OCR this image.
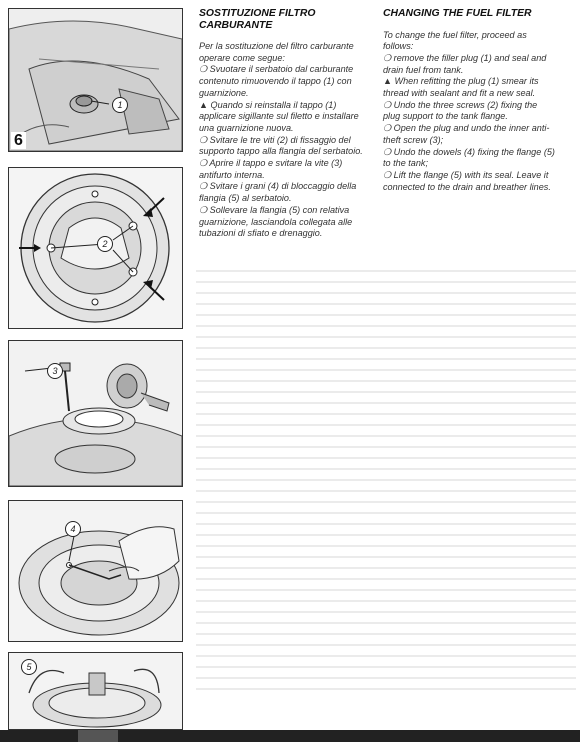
1
6
2
3
4
5
SOSTITUZIONE FILTRO CARBURANTE

Per la sostituzione del filtro carburante operare come segue:

❍ Svuotare il serbatoio dal carburante contenuto rimuovendo il tappo (1) con guarnizione.

▲ Quando si reinstalla il tappo (1) applicare sigillante sul filetto e installare una guarnizione nuova.

❍ Svitare le tre viti (2) di fissaggio del supporto tappo alla flangia del serbatoio.

❍ Aprire il tappo e svitare la vite (3) antifurto interna.

❍ Svitare i grani (4) di bloccaggio della flangia (5) al serbatoio.

❍ Sollevare la flangia (5) con relativa guarnizione, lasciandola collegata alle tubazioni di sfiato e drenaggio.

CHANGING THE FUEL FILTER

To change the fuel filter, proceed as follows:

❍ remove the filler plug (1) and seal and drain fuel from tank.

▲ When refitting the plug (1) smear its thread with sealant and fit a new seal.

❍ Undo the three screws (2) fixing the plug support to the tank flange.

❍ Open the plug and undo the inner anti-theft screw (3);

❍ Undo the dowels (4) fixing the flange (5) to the tank;

❍ Lift the flange (5) with its seal. Leave it connected to the drain and breather lines.
